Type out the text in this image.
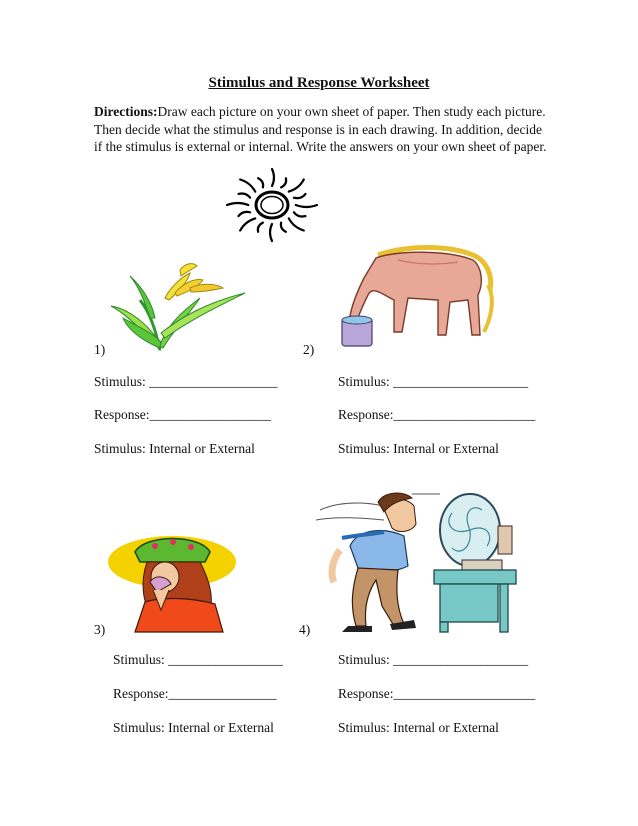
Stimulus and Response Worksheet
Directions:Draw each picture on your own sheet of paper. Then study each picture. Then decide what the stimulus and response is in each drawing. In addition, decide if the stimulus is external or internal. Write the answers on your own sheet of paper.
1)
Stimulus: ___________________
Response:__________________
Stimulus: Internal or External
2)
Stimulus: ____________________
Response:_____________________
Stimulus: Internal or External
3)
Stimulus: _________________
Response:________________
Stimulus: Internal or External
4)
Stimulus: ____________________
Response:_____________________
Stimulus: Internal or External
